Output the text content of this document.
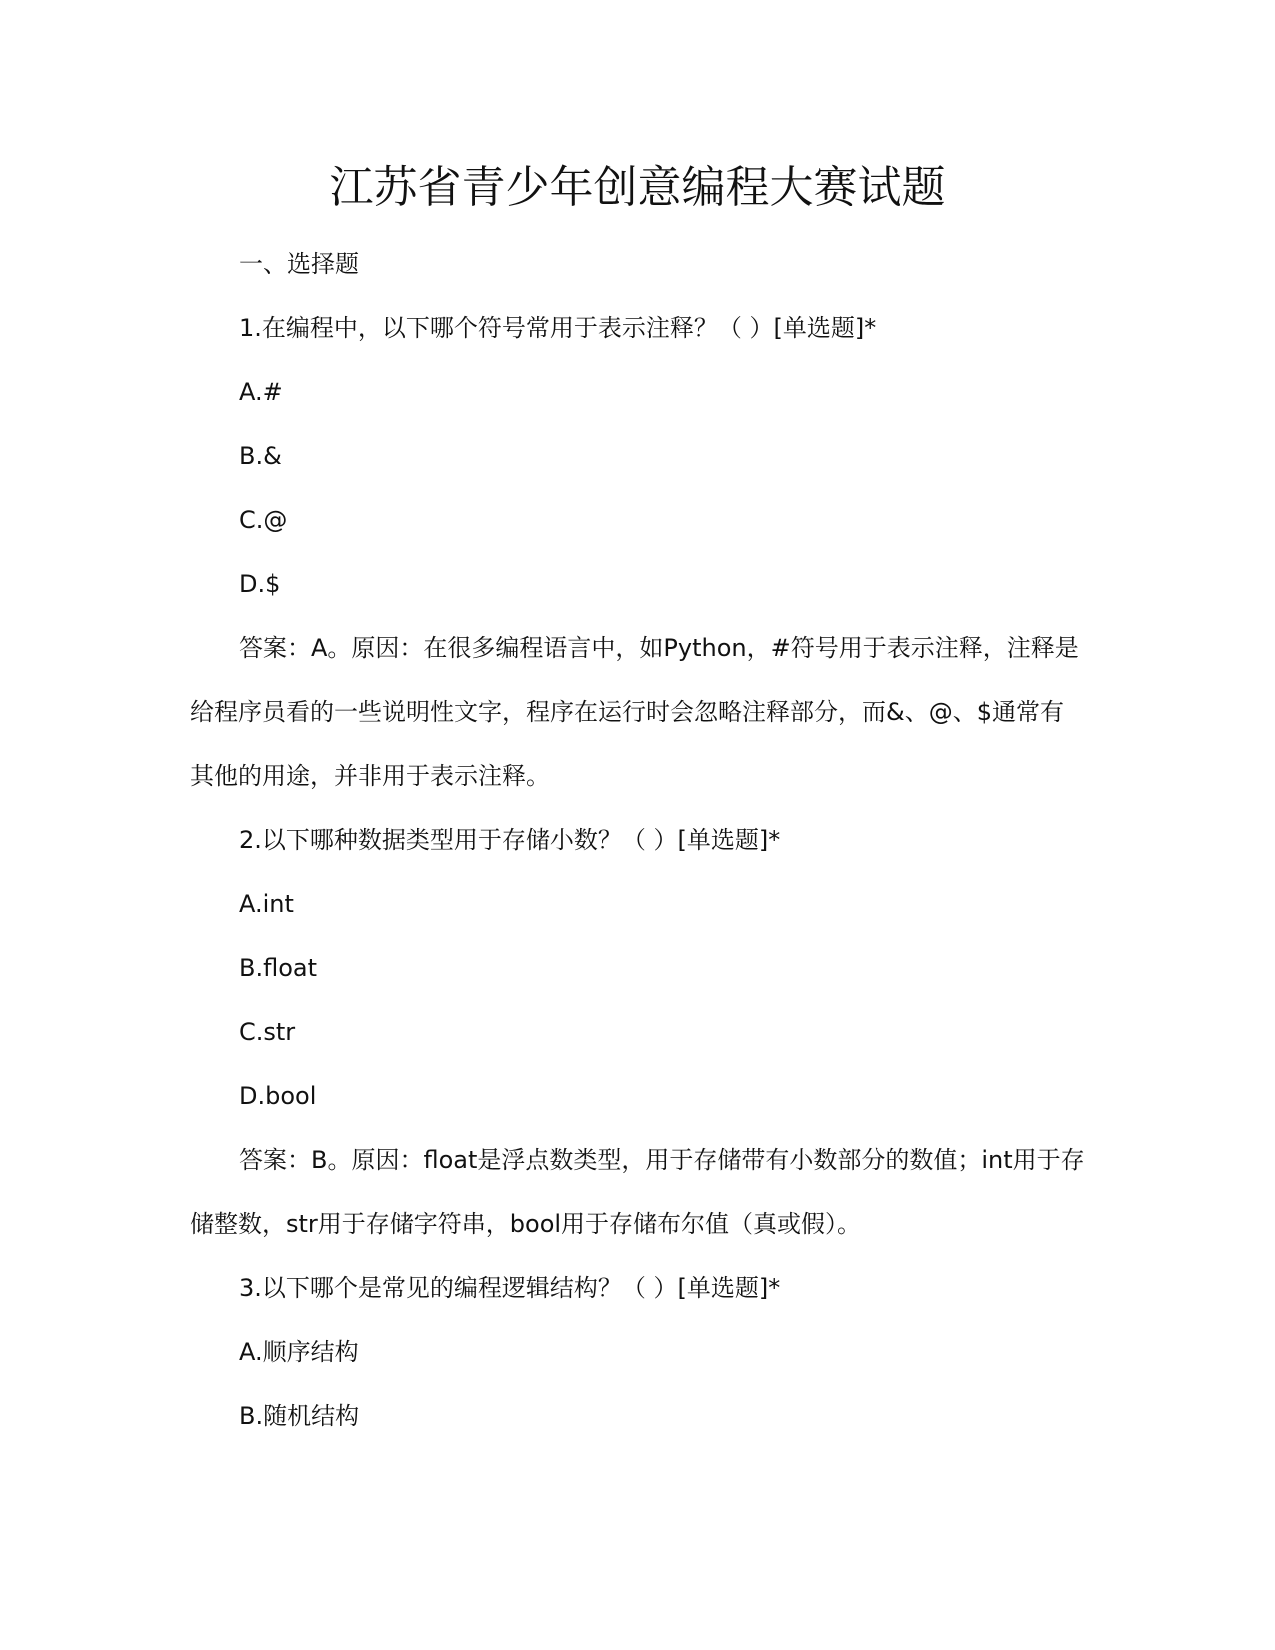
江苏省青少年创意编程大赛试题

一、选择题

1.在编程中，以下哪个符号常用于表示注释？（ ）[单选题]*

A.#

B.&

C.@

D.$

答案：A。原因：在很多编程语言中，如Python，#符号用于表示注释，注释是给程序员看的一些说明性文字，程序在运行时会忽略注释部分，而&、@、$通常有其他的用途，并非用于表示注释。

2.以下哪种数据类型用于存储小数？（ ）[单选题]*

A.int

B.float

C.str

D.bool

答案：B。原因：float是浮点数类型，用于存储带有小数部分的数值；int用于存储整数，str用于存储字符串，bool用于存储布尔值（真或假）。

3.以下哪个是常见的编程逻辑结构？（ ）[单选题]*

A.顺序结构

B.随机结构
